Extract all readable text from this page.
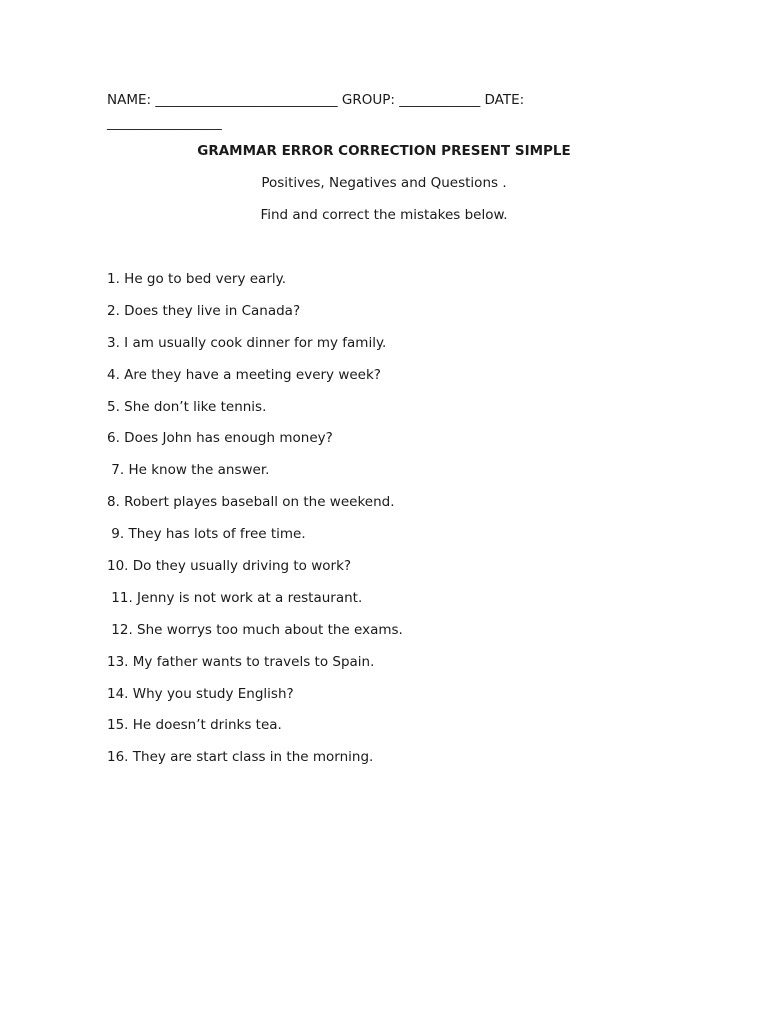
NAME: ___________________________ GROUP: ____________ DATE:
_________________
GRAMMAR ERROR CORRECTION PRESENT SIMPLE
Positives, Negatives and Questions .
Find and correct the mistakes below.
1. He go to bed very early.
2. Does they live in Canada?
3. I am usually cook dinner for my family.
4. Are they have a meeting every week?
5. She don’t like tennis.
6. Does John has enough money?
7. He know the answer.
8. Robert playes baseball on the weekend.
9. They has lots of free time.
10. Do they usually driving to work?
11. Jenny is not work at a restaurant.
12. She worrys too much about the exams.
13. My father wants to travels to Spain.
14. Why you study English?
15. He doesn’t drinks tea.
16. They are start class in the morning.
